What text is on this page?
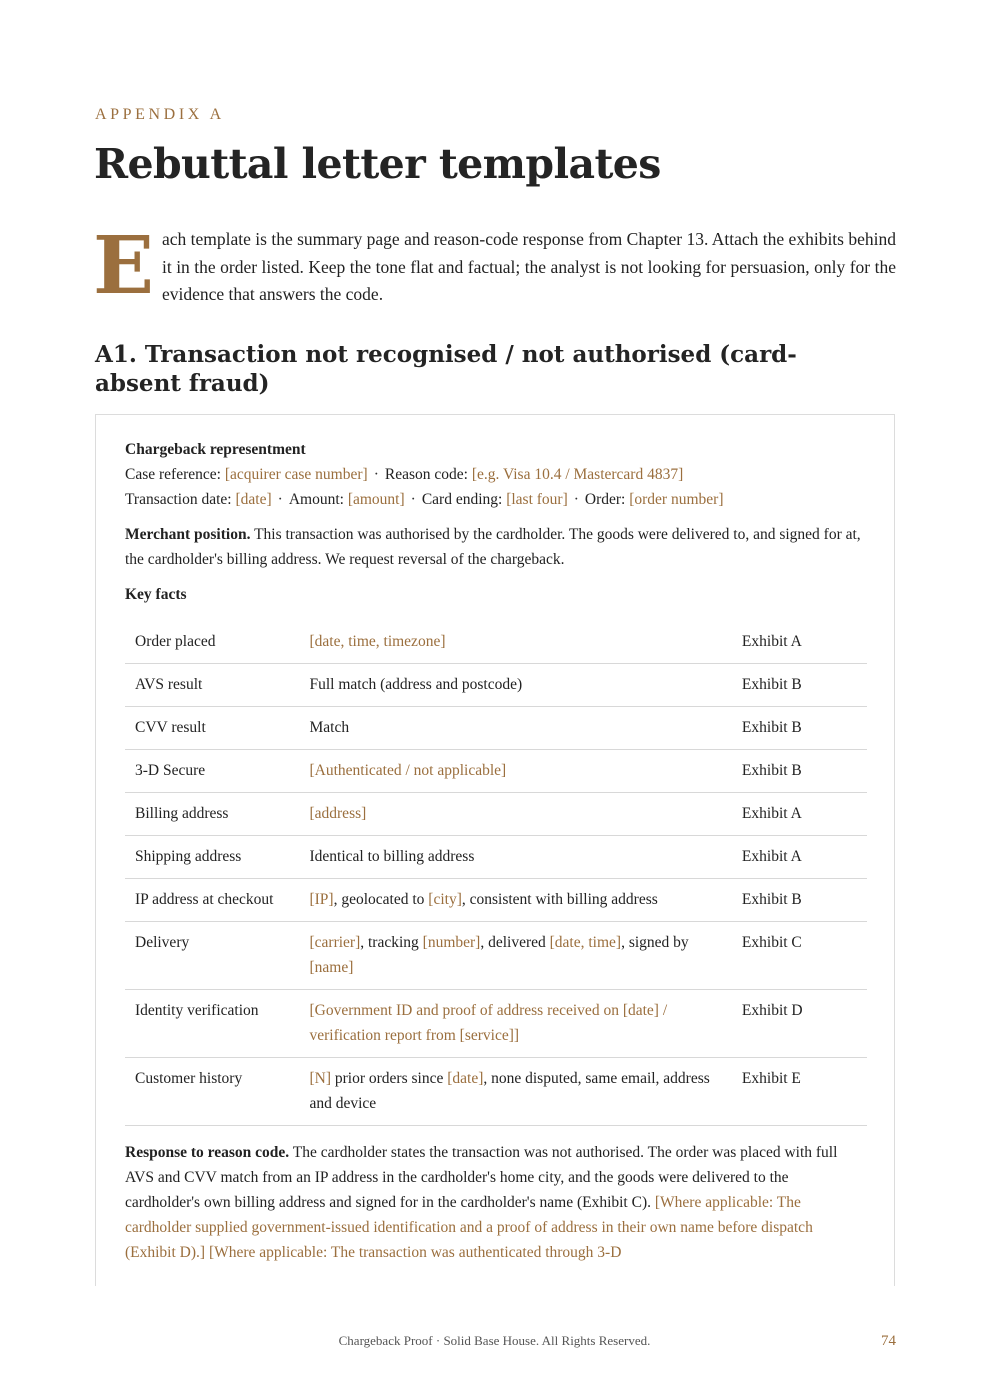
APPENDIX A
Rebuttal letter templates
E ach template is the summary page and reason-code response from Chapter 13. Attach the exhibits behind it in the order listed. Keep the tone flat and factual; the analyst is not looking for persuasion, only for the evidence that answers the code.

A1. Transaction not recognised / not authorised (card-absent fraud)

Chargeback representment

Case reference: [acquirer case number] · Reason code: [e.g. Visa 10.4 / Mastercard 4837]

Transaction date: [date] · Amount: [amount] · Card ending: [last four] · Order: [order number]

Merchant position. This transaction was authorised by the cardholder. The goods were delivered to, and signed for at, the cardholder's billing address. We request reversal of the chargeback.

Key facts

Order placed	[date, time, timezone]	Exhibit A
AVS result	Full match (address and postcode)	Exhibit B
CVV result	Match	Exhibit B
3-D Secure	[Authenticated / not applicable]	Exhibit B
Billing address	[address]	Exhibit A
Shipping address	Identical to billing address	Exhibit A
IP address at checkout	[IP], geolocated to [city], consistent with billing address	Exhibit B
Delivery	[carrier], tracking [number], delivered [date, time], signed by [name]	Exhibit C
Identity verification	[Government ID and proof of address received on [date] / verification report from [service]]	Exhibit D
Customer history	[N] prior orders since [date], none disputed, same email, address and device	Exhibit E

Response to reason code. The cardholder states the transaction was not authorised. The order was placed with full AVS and CVV match from an IP address in the cardholder's home city, and the goods were delivered to the cardholder's own billing address and signed for in the cardholder's name (Exhibit C). [Where applicable: The cardholder supplied government-issued identification and a proof of address in their own name before dispatch (Exhibit D).] [Where applicable: The transaction was authenticated through 3-D

Chargeback Proof · Solid Base House. All Rights Reserved.	74
